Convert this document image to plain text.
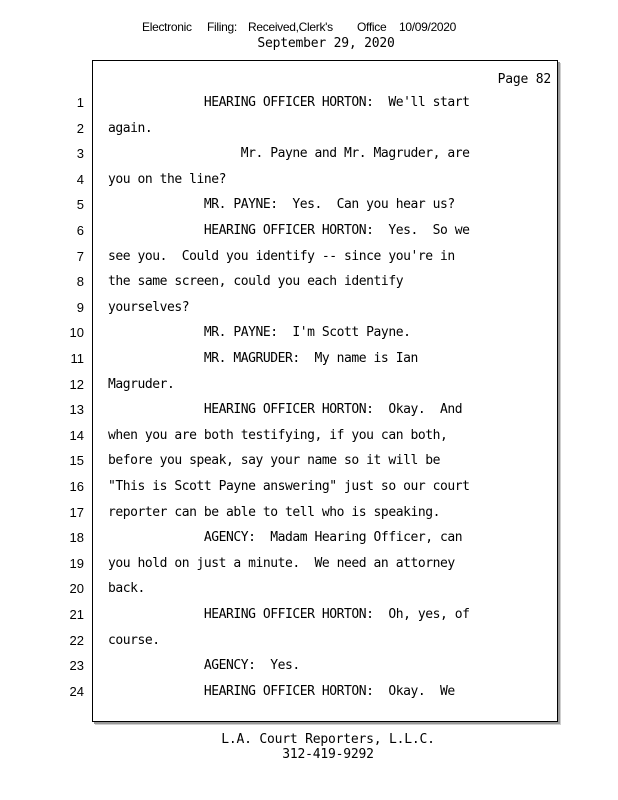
Electronic Filing: Received,Clerk's Office 10/09/2020
September 29, 2020
Page 82
1
2
3
4
5
6
7
8
9
10
11
12
13
14
15
16
17
18
19
20
21
22
23
24
HEARING OFFICER HORTON:  We'll start
again.
Mr. Payne and Mr. Magruder, are
you on the line?
MR. PAYNE:  Yes.  Can you hear us?
HEARING OFFICER HORTON:  Yes.  So we
see you.  Could you identify -- since you're in
the same screen, could you each identify
yourselves?
MR. PAYNE:  I'm Scott Payne.
MR. MAGRUDER:  My name is Ian
Magruder.
HEARING OFFICER HORTON:  Okay.  And
when you are both testifying, if you can both,
before you speak, say your name so it will be
"This is Scott Payne answering" just so our court
reporter can be able to tell who is speaking.
AGENCY:  Madam Hearing Officer, can
you hold on just a minute.  We need an attorney
back.
HEARING OFFICER HORTON:  Oh, yes, of
course.
AGENCY:  Yes.
HEARING OFFICER HORTON:  Okay.  We
L.A. Court Reporters, L.L.C.
312-419-9292
